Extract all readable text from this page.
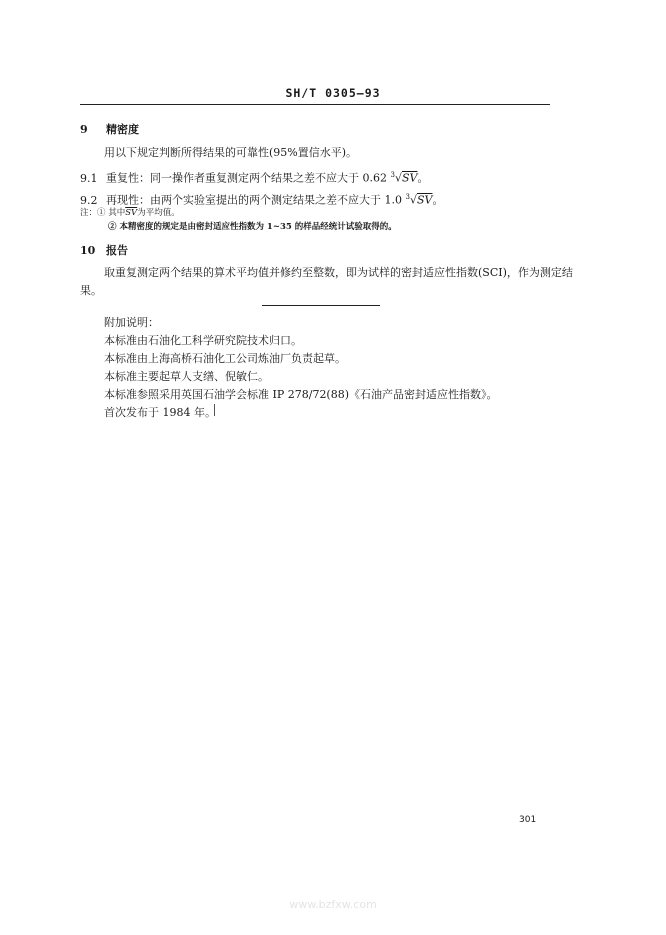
SH/T 0305—93
9 精密度
用以下规定判断所得结果的可靠性(95%置信水平)。
9.1 重复性：同一操作者重复测定两个结果之差不应大于 0.62 $^3$√SV。
9.2 再现性：由两个实验室提出的两个测定结果之差不应大于 1.0 $^3$√SV。
注：① 其中$\overline{SV}$为平均值。
② 本精密度的规定是由密封适应性指数为 1~35 的样品经统计试验取得的。
10 报告
取重复测定两个结果的算术平均值并修约至整数，即为试样的密封适应性指数(SCI)，作为测定结
果。
附加说明：
本标准由石油化工科学研究院技术归口。
本标准由上海高桥石油化工公司炼油厂负责起草。
本标准主要起草人支缮、倪敏仁。
本标准参照采用英国石油学会标准 IP 278/72(88)《石油产品密封适应性指数》。
首次发布于 1984 年。
301
www.bzfxw.com
